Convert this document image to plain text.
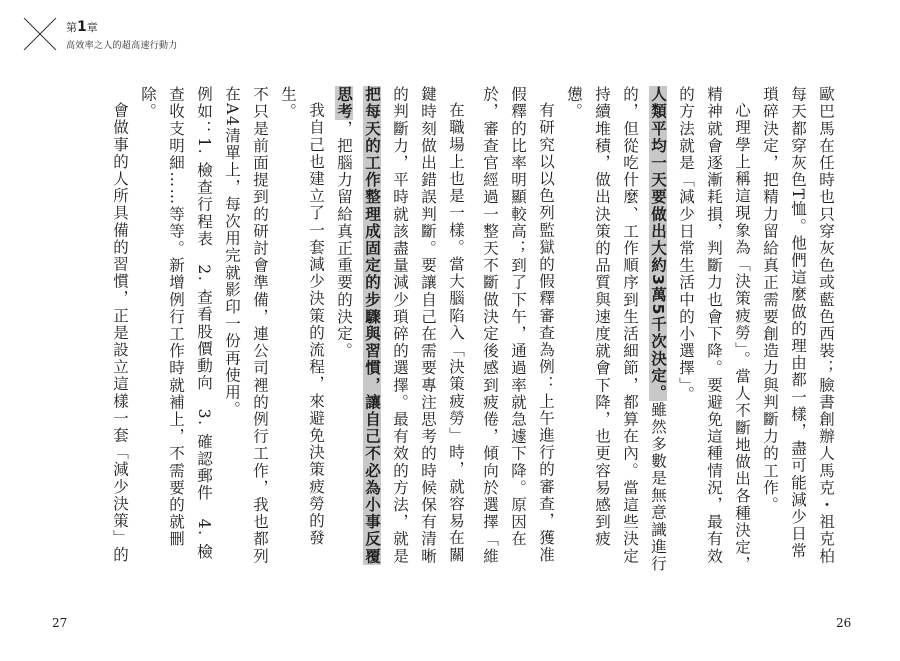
第1章
高效率之人的超高速行動力

歐巴馬在任時也只穿灰色或藍色西裝；臉書創辦人馬克・祖克柏每天都穿灰色T恤。他們這麼做的理由都一樣，盡可能減少日常瑣碎決定，把精力留給真正需要創造力與判斷力的工作。

心理學上稱這現象為「決策疲勞」。當人不斷地做出各種決定，精神就會逐漸耗損，判斷力也會下降。要避免這種情況，最有效的方法就是「減少日常生活中的小選擇」。

人類平均一天要做出大約3萬5千次決定。雖然多數是無意識進行的，但從吃什麼、工作順序到生活細節，都算在內。當這些決定持續堆積，做出決策的品質與速度就會下降，也更容易感到疲憊。

有研究以以色列監獄的假釋審查為例：上午進行的審查，獲准假釋的比率明顯較高；到了下午，通過率就急遽下降。原因在於，審查官經過一整天不斷做決定後感到疲倦，傾向於選擇「維

在職場上也是一樣。當大腦陷入「決策疲勞」時，就容易在關鍵時刻做出錯誤判斷。要讓自己在需要專注思考的時候保有清晰的判斷力，平時就該盡量減少瑣碎的選擇。最有效的方法，就是把每天的工作整理成固定的步驟與習慣，讓自己不必為小事反覆思考，把腦力留給真正重要的決定。

我自己也建立了一套減少決策的流程，來避免決策疲勞的發生。

不只是前面提到的研討會準備，連公司裡的例行工作，我也都列在A4清單上，每次用完就影印一份再使用。

例如：1. 檢查行程表　2. 查看股價動向　3. 確認郵件　4. 檢查收支明細……等等。新增例行工作時就補上，不需要的就刪除。

會做事的人所具備的習慣，正是設立這樣一套「減少決策」的

27	26
